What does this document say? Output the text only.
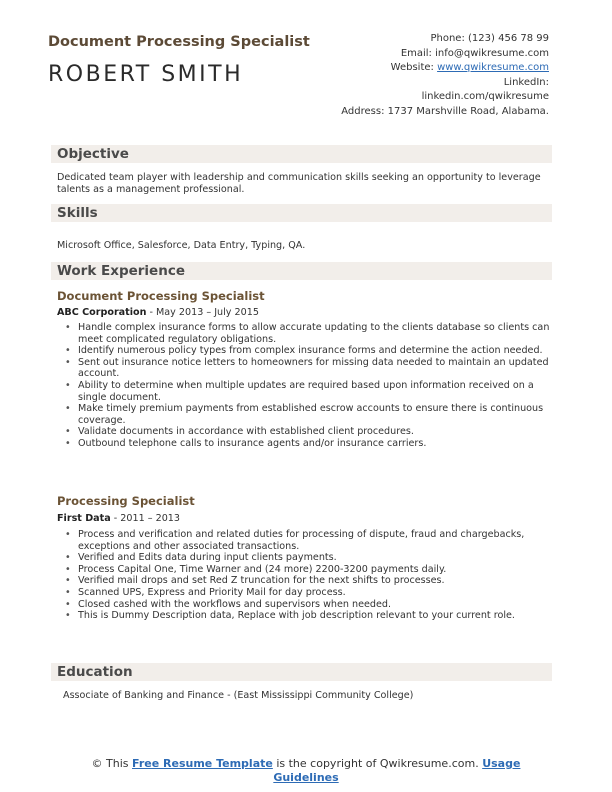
Document Processing Specialist
ROBERT SMITH
Phone: (123) 456 78 99
Email: info@qwikresume.com
Website: www.qwikresume.com
LinkedIn:
linkedin.com/qwikresume
Address: 1737 Marshville Road, Alabama.
Objective

Dedicated team player with leadership and communication skills seeking an opportunity to leverage talents as a management professional.

Skills

Microsoft Office, Salesforce, Data Entry, Typing, QA.

Work Experience
Document Processing Specialist
ABC Corporation - May 2013 – July 2015
• Handle complex insurance forms to allow accurate updating to the clients database so clients can meet complicated regulatory obligations.
• Identify numerous policy types from complex insurance forms and determine the action needed.
• Sent out insurance notice letters to homeowners for missing data needed to maintain an updated account.
• Ability to determine when multiple updates are required based upon information received on a single document.
• Make timely premium payments from established escrow accounts to ensure there is continuous coverage.
• Validate documents in accordance with established client procedures.
• Outbound telephone calls to insurance agents and/or insurance carriers.
Processing Specialist
First Data - 2011 – 2013
• Process and verification and related duties for processing of dispute, fraud and chargebacks, exceptions and other associated transactions.
• Verified and Edits data during input clients payments.
• Process Capital One, Time Warner and (24 more) 2200-3200 payments daily.
• Verified mail drops and set Red Z truncation for the next shifts to processes.
• Scanned UPS, Express and Priority Mail for day process.
• Closed cashed with the workflows and supervisors when needed.
• This is Dummy Description data, Replace with job description relevant to your current role.
Education

Associate of Banking and Finance - (East Mississippi Community College)

© This Free Resume Template is the copyright of Qwikresume.com. Usage Guidelines
